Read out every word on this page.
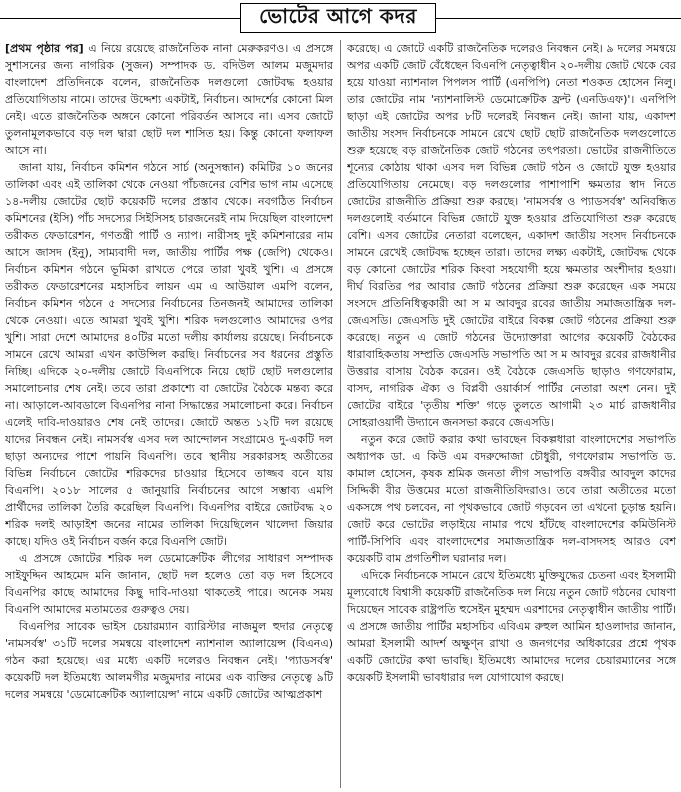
ভোটের আগে কদর

[প্রথম পৃষ্ঠার পর] এ নিয়ে রয়েছে রাজনৈতিক নানা মেরুকরণও। এ প্রসঙ্গে সুশাসনের জন্য নাগরিক (সুজন) সম্পাদক ড. বদিউল আলম মজুমদার বাংলাদেশ প্রতিদিনকে বলেন, রাজনৈতিক দলগুলো জোটবদ্ধ হওয়ার প্রতিযোগিতায় নামে। তাদের উদ্দেশ্য একটাই, নির্বাচন। আদর্শের কোনো মিল নেই। এতে রাজনৈতিক অঙ্গনে কোনো পরিবর্তন আসবে না। এসব জোটে তুলনামূলকভাবে বড় দল দ্বারা ছোট দল শাসিত হয়। কিন্তু কোনো ফলাফল আসে না।

জানা যায়, নির্বাচন কমিশন গঠনে সার্চ (অনুসন্ধান) কমিটির ১০ জনের তালিকা এবং এই তালিকা থেকে নেওয়া পাঁচজনের বেশির ভাগ নাম এসেছে ১৪-দলীয় জোটের ছোট কয়েকটি দলের প্রস্তাব থেকে। নবগঠিত নির্বাচন কমিশনের (ইসি) পাঁচ সদস্যের সিইসিসহ চারজনেরই নাম দিয়েছিল বাংলাদেশ তরীকত ফেডারেশন, গণতন্ত্রী পার্টি ও ন্যাপ। নারীসহ দুই কমিশনারের নাম আসে জাসদ (ইনু), সাম্যবাদী দল, জাতীয় পার্টির পক্ষ (জেপি) থেকেও। নির্বাচন কমিশন গঠনে ভূমিকা রাখতে পেরে তারা খুবই খুশি। এ প্রসঙ্গে তরীকত ফেডারেশনের মহাসচিব লায়ন এম এ আউয়াল এমপি বলেন, নির্বাচন কমিশন গঠনে ৫ সদস্যের নির্বাচনের তিনজনই আমাদের তালিকা থেকে নেওয়া। এতে আমরা খুবই খুশি। শরিক দলগুলোও আমাদের ওপর খুশি। সারা দেশে আমাদের ৪০টির মতো দলীয় কার্যালয় রয়েছে। নির্বাচনকে সামনে রেখে আমরা এখন কাউন্সিল করছি। নির্বাচনের সব ধরনের প্রস্তুতি নিচ্ছি। এদিকে ২০-দলীয় জোটে বিএনপিকে নিয়ে ছোট ছোট দলগুলোর সমালোচনার শেষ নেই। তবে তারা প্রকাশ্যে বা জোটের বৈঠকে মন্তব্য করে না। আড়ালে-আবডালে বিএনপির নানা সিদ্ধান্তের সমালোচনা করে। নির্বাচন এলেই দাবি-দাওয়ারও শেষ নেই তাদের। জোটে অন্তত ১২টি দল রয়েছে যাদের নিবন্ধন নেই। নামসর্বস্ব এসব দল আন্দোলন সংগ্রামেও দু-একটি দল ছাড়া অন্যদের পাশে পায়নি বিএনপি। তবে স্থানীয় সরকারসহ অতীতের বিভিন্ন নির্বাচনে জোটের শরিকদের চাওয়ার হিসেবে তাজ্জব বনে যায় বিএনপি। ২০১৮ সালের ৫ জানুয়ারি নির্বাচনের আগে সম্ভাব্য এমপি প্রার্থীদের তালিকা তৈরি করেছিল বিএনপি। বিএনপির বাইরে জোটবদ্ধ ২০ শরিক দলই আড়াইশ জনের নামের তালিকা দিয়েছিলেন খালেদা জিয়ার কাছে। যদিও ওই নির্বাচন বর্জন করে বিএনপি জোট।

এ প্রসঙ্গে জোটের শরিক দল ডেমোক্রেটিক লীগের সাধারণ সম্পাদক সাইফুদ্দিন আহমেদ মনি জানান, ছোট দল হলেও তো বড় দল হিসেবে বিএনপির কাছে আমাদের কিছু দাবি-দাওয়া থাকতেই পারে। অনেক সময় বিএনপি আমাদের মতামতের গুরুত্বও দেয়।

বিএনপির সাবেক ভাইস চেয়ারম্যান ব্যারিস্টার নাজমুল হুদার নেতৃত্বে 'নামসর্বস্ব' ৩১টি দলের সমন্বয়ে বাংলাদেশ ন্যাশনাল অ্যালায়েন্স (বিএনএ) গঠন করা হয়েছে। এর মধ্যে একটি দলেরও নিবন্ধন নেই। 'প্যাডসর্বস্ব' কয়েকটি দল ইতিমধ্যে আলমগীর মজুমদার নামের এক ব্যক্তির নেতৃত্বে ৯টি দলের সমন্বয়ে 'ডেমোক্রেটিক অ্যালায়েন্স' নামে একটি জোটের আত্মপ্রকাশ

করেছে। এ জোটে একটি রাজনৈতিক দলেরও নিবন্ধন নেই। ৯ দলের সমন্বয়ে অপর একটি জোট বেঁধেছেন বিএনপি নেতৃত্বাধীন ২০-দলীয় জোট থেকে বের হয়ে যাওয়া ন্যাশনাল পিপলস পার্টি (এনপিপি) নেতা শওকত হোসেন নিলু। তার জোটের নাম 'ন্যাশনালিস্ট ডেমোক্রেটিক ফ্রন্ট (এনডিএফ)'। এনপিপি ছাড়া এই জোটের অপর ৮টি দলেরই নিবন্ধন নেই। জানা যায়, একাদশ জাতীয় সংসদ নির্বাচনকে সামনে রেখে ছোট ছোট রাজনৈতিক দলগুলোতে শুরু হয়েছে বড় রাজনৈতিক জোট গঠনের তৎপরতা। ভোটের রাজনীতিতে শূন্যের কোঠায় থাকা এসব দল বিভিন্ন জোট গঠন ও জোটে যুক্ত হওয়ার প্রতিযোগিতায় নেমেছে। বড় দলগুলোর পাশাপাশি ক্ষমতার স্বাদ নিতে জোটের রাজনীতি প্রক্রিয়া শুরু করছে। 'নামসর্বস্ব ও প্যাডসর্বস্ব' অনিবন্ধিত দলগুলোই বর্তমানে বিভিন্ন জোটে যুক্ত হওয়ার প্রতিযোগিতা শুরু করেছে বেশি। এসব জোটের নেতারা বলেছেন, একাদশ জাতীয় সংসদ নির্বাচনকে সামনে রেখেই জোটবদ্ধ হচ্ছেন তারা। তাদের লক্ষ্য একটাই, জোটবদ্ধ থেকে বড় কোনো জোটের শরিক কিংবা সহযোগী হয়ে ক্ষমতার অংশীদার হওয়া। দীর্ঘ বিরতির পর আবার জোট গঠনের প্রক্রিয়া শুরু করেছেন এক সময়ে সংসদে প্রতিনিধিত্বকারী আ স ম আবদুর রবের জাতীয় সমাজতান্ত্রিক দল-জেএসডি। জেএসডি দুই জোটের বাইরে বিকল্প জোট গঠনের প্রক্রিয়া শুরু করেছে। নতুন এ জোট গঠনের উদ্যোক্তারা আগের কয়েকটি বৈঠকের ধারাবাহিকতায় সম্প্রতি জেএসডি সভাপতি আ স ম আবদুর রবের রাজধানীর উত্তরার বাসায় বৈঠক করেন। ওই বৈঠকে জেএসডি ছাড়াও গণফোরাম, বাসদ, নাগরিক ঐক্য ও বিপ্লবী ওয়ার্কার্স পার্টির নেতারা অংশ নেন। দুই জোটের বাইরে 'তৃতীয় শক্তি' গড়ে তুলতে আগামী ২৩ মার্চ রাজধানীর সোহরাওয়ার্দী উদ্যানে জনসভা করবে জেএসডি।

নতুন করে জোট করার কথা ভাবছেন বিকল্পধারা বাংলাদেশের সভাপতি অধ্যাপক ডা. এ কিউ এম বদরুদ্দোজা চৌধুরী, গণফোরাম সভাপতি ড. কামাল হোসেন, কৃষক শ্রমিক জনতা লীগ সভাপতি বঙ্গবীর আবদুল কাদের সিদ্দিকী বীর উত্তমের মতো রাজনীতিবিদরাও। তবে তারা অতীতের মতো একসঙ্গে পথ চলবেন, না পৃথকভাবে জোট গড়বেন তা এখনো চূড়ান্ত হয়নি। জোট করে ভোটের লড়াইয়ে নামার পথে হাঁটছে বাংলাদেশের কমিউনিস্ট পার্টি-সিপিবি এবং বাংলাদেশের সমাজতান্ত্রিক দল-বাসদসহ আরও বেশ কয়েকটি বাম প্রগতিশীল ঘরানার দল।

এদিকে নির্বাচনকে সামনে রেখে ইতিমধ্যে মুক্তিযুদ্ধের চেতনা এবং ইসলামী মূল্যবোধে বিশ্বাসী কয়েকটি রাজনৈতিক দল নিয়ে নতুন জোট গঠনের ঘোষণা দিয়েছেন সাবেক রাষ্ট্রপতি হুসেইন মুহম্মদ এরশাদের নেতৃত্বাধীন জাতীয় পার্টি। এ প্রসঙ্গে জাতীয় পার্টির মহাসচিব এবিএম রুহুল আমিন হাওলাদার জানান, আমরা ইসলামী আদর্শ অক্ষুণ্ন রাখা ও জনগণের অধিকারের প্রশ্নে পৃথক একটি জোটের কথা ভাবছি। ইতিমধ্যে আমাদের দলের চেয়ারম্যানের সঙ্গে কয়েকটি ইসলামী ভাবধারার দল যোগাযোগ করছে।
